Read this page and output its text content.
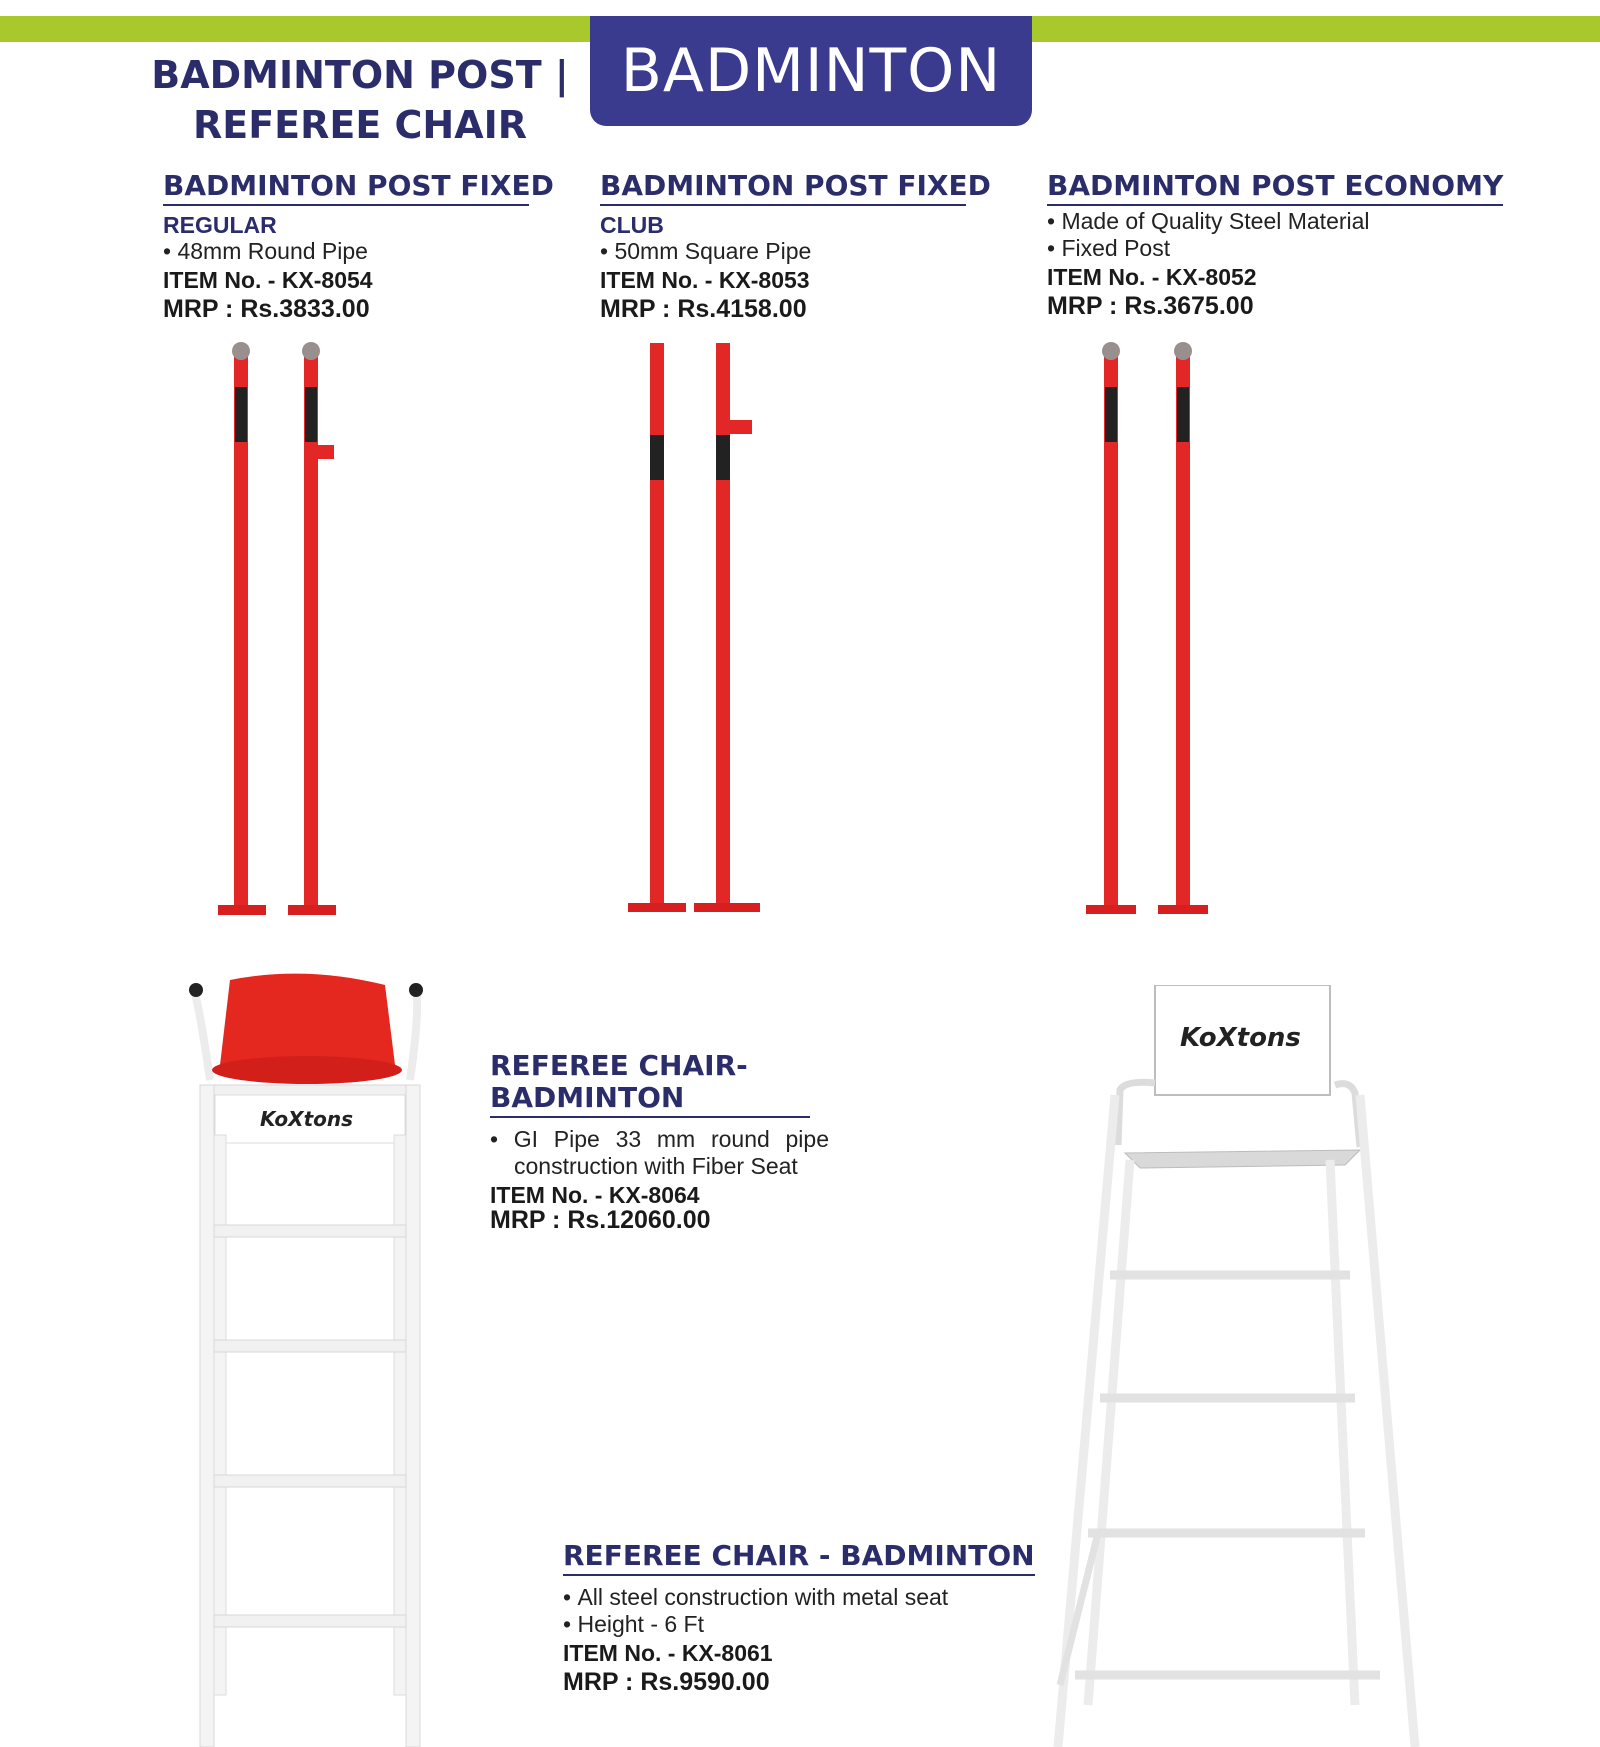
BADMINTON
BADMINTON POST |
REFEREE CHAIR
BADMINTON POST FIXED
REGULAR
• 48mm Round Pipe
ITEM No. - KX-8054
MRP : Rs.3833.00
BADMINTON POST FIXED
CLUB
• 50mm Square Pipe
ITEM No. - KX-8053
MRP : Rs.4158.00
BADMINTON POST ECONOMY
• Made of Quality Steel Material
• Fixed Post
ITEM No. - KX-8052
MRP : Rs.3675.00
REFEREE CHAIR-
BADMINTON
• GI Pipe 33 mm round pipe construction with Fiber Seat
ITEM No. - KX-8064
MRP : Rs.12060.00
REFEREE CHAIR - BADMINTON
• All steel construction with metal seat
• Height - 6 Ft
ITEM No. - KX-8061
MRP : Rs.9590.00
KoXtons
KoXtons
